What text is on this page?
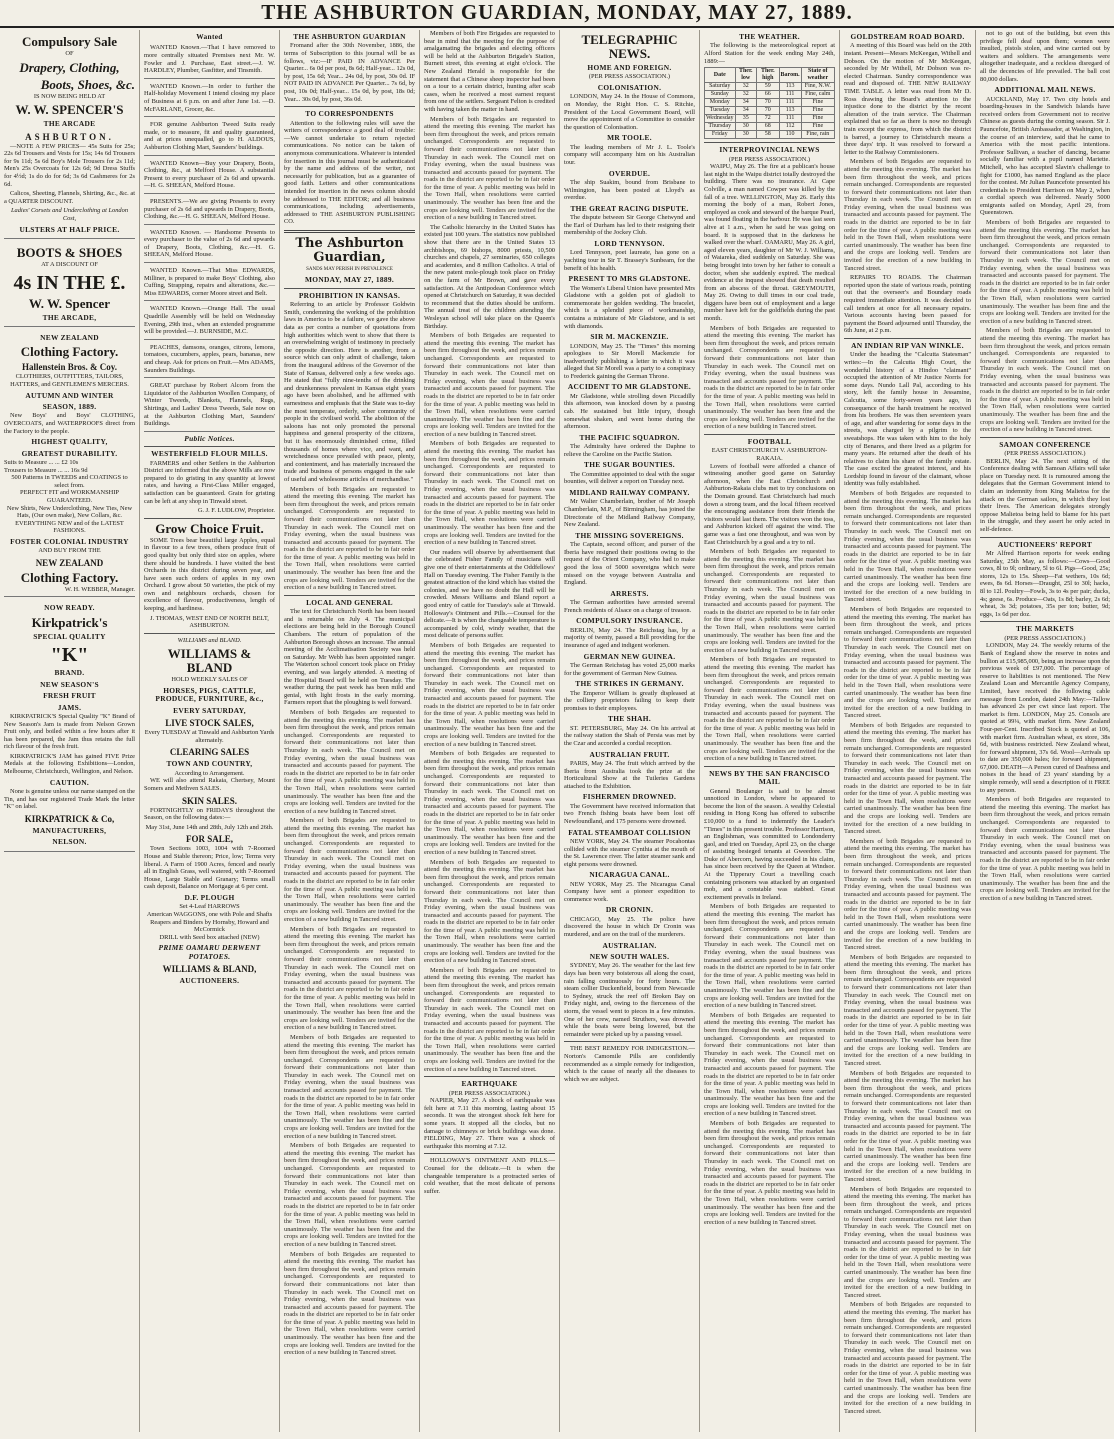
THE ASHBURTON GUARDIAN, MONDAY, MAY 27, 1889.
Compulsory Sale
OF
Drapery, Clothing,
Boots, Shoes, &c.
IS NOW BEING HELD AT
W. W. SPENCER'S
THE ARCADE
ASHBURTON.
—NOTE A FEW PRICES— 45s Suits for 25s; 22s 6d Trousers and Vests for 15s; 14s 6d Trousers for 9s 11d; 5s 6d Boy's Mole Trousers for 2s 11d; Men's 25s Overcoats for 12s 6d; 9d Dress Stuffs for 4½d; 1s do do for 6d; 3s 6d Cashmeres for 2s 6d.
Calicos, Sheeting, Flannels, Shirting, &c., &c. at a QUARTER DISCOUNT.
Ladies' Corsets and Underclothing at London Cost,
ULSTERS AT HALF PRICE.
BOOTS & SHOES
AT A DISCOUNT OF
4s IN THE £.
W. W. Spencer
THE ARCADE,
NEW ZEALAND
Clothing Factory.
Hallenstein Bros. & Coy.
CLOTHIERS, OUTFITTERS, TAILORS, HATTERS, and GENTLEMEN'S MERCERS.
AUTUMN AND WINTER
SEASON, 1889.
New Boys' and Boys' CLOTHING, OVERCOATS, and WATERPROOFS direct from the Factory to the people.
HIGHEST QUALITY,
GREATEST DURABILITY.
Suits to Measure ... ... £2 10s
Trousers to Measure ... ... 16s 9d
500 Patterns in TWEEDS and COATINGS to select from.
PERFECT FIT and WORKMANSHIP GUARANTEED.
New Shirts, New Underclothing, New Ties, New Hats, (Our own make), New Collars, &c.
EVERYTHING NEW and of the LATEST FASHIONS.
FOSTER COLONIAL INDUSTRY
AND BUY FROM THE
NEW ZEALAND
Clothing Factory.
W. H. WEBBER, Manager.
NOW READY.
Kirkpatrick's
SPECIAL QUALITY
"K"
BRAND.
NEW SEASON'S
FRESH FRUIT
JAMS.
KIRKPATRICK'S Special Quality "K" Brand of New Season's Jam is made from Nelson Grown Fruit only, and boiled within a few hours after it has been prepared, the Jam thus retains the full rich flavour of the fresh fruit.
KIRKPATRICK'S JAM has gained FIVE Prize Medals at the following Exhibitions—London, Melbourne, Christchurch, Wellington, and Nelson.
CAUTION.
None is genuine unless our name stamped on the Tin, and has our registered Trade Mark the letter "K" on label.
KIRKPATRICK & Co,
MANUFACTURERS,
NELSON.
Wanted
WANTED Known.—That I have removed to more centrally situated Premises next Mr. W. Fowler and J. Purchase, East street.—J. W. HARDLEY, Plumber, Gasfitter, and Tinsmith.
WANTED Known.—In order to further the Half-holiday Movement I intend closing my place of Business at 6 p.m. on and after June 1st. —D. McFARLANE, Grocer, &c.
FOR genuine Ashburton Tweed Suits ready made, or to measure, fit and quality guaranteed, and at prices unequalled, go to H. ALDOUS, Ashburton Clothing Mart, Saunders' buildings.
WANTED Known—Buy your Drapery, Boots, Clothing, &c., at Melford House. A substantial Present to every purchaser of 2s 6d and upwards.—H. G. SHEEAN, Melford House.
PRESENTS.—We are giving Presents to every purchaser of 2s 6d and upwards in Drapery, Boots, Clothing, &c.—H. G. SHEEAN, Melford House.
WANTED Known. — Handsome Presents to every purchaser to the value of 2s 6d and upwards of Drapery, Boots, Clothing, &c.—H. G. SHEEAN, Melford House.
WANTED Known.—That Miss EDWARDS, Milliner, is prepared to make Boys' Clothing, also Cuffing, Strapping, repairs and alterations, &c.—Miss EDWARDS, corner Moore street and Belt.
WANTED Known.—Orange Hall. The usual Quadrille Assembly will be held on Wednesday Evening, 29th inst., when an extended programme will be provided.—J. BURNSIDE, M.C.
PEACHES, damsons, oranges, citrons, lemons, tomatoes, cucumbers, apples, pears, bananas, new and cheap. Ask for prices on Fruit.—Mrs ADAMS, Saunders Buildings.
GREAT purchase by Robert Alcorn from the Liquidator of the Ashburton Woollen Company, of Winter Tweeds, Blankets, Flannels, Rugs, Shirtings, and Ladies' Dress Tweeds, Sale now on at the Ashburton Clothing Mart, Saunders' Buildings.
Public Notices.
WESTERFIELD FLOUR MILLS.
FARMERS and other Settlers in the Ashburton District are informed that the above Mills are now prepared to do gristing in any quantity at lowest rates, and having a First-Class Miller engaged, satisfaction can be guaranteed. Grain for gristing can be left at any shop in Tinwald street.
G. J. F. LUDLOW, Proprietor.
Grow Choice Fruit.
SOME Trees bear beautiful large Apples, equal in flavour to a few trees, others produce fruit of good quality but only third size on apples, where there should be hundreds. I have visited the best Orchards in this district during seven year, and have seen such orders of apples in my own Orchard. I grow about 50 varieties, the pick of my own and neighbours orchards, chosen for excellence of flavour, productiveness, length of keeping, and hardiness.
J. THOMAS, WEST END OF NORTH BELT, ASHBURTON.
WILLIAMS and BLAND.
WILLIAMS & BLAND
HOLD WEEKLY SALES OF
HORSES, PIGS, CATTLE, PRODUCE, FURNITURE, &c.,
EVERY SATURDAY,
LIVE STOCK SALES,
Every TUESDAY at Tinwald and Ashburton Yards alternately.
CLEARING SALES
TOWN AND COUNTRY,
According to Arrangement.
WE will also attend Rakaia, Chertsey, Mount Somers and Methven SALES.
SKIN SALES.
FORTNIGHTLY on FRIDAYS throughout the Season, on the following dates:—
May 31st, June 14th and 28th, July 12th and 26th.
FOR SALE,
Town Sections 1003, 1004 with 7-Roomed House and Stable thereon; Price, low; Terms very liberal. A Farm of 1900 Acres, fenced and nearly all in English Grass, well watered, with 7-Roomed House, Large Stable and Granary; Terms small cash deposit, Balance on Mortgage at 6 per cent.
D.F. PLOUGH
Set 4-Leaf HARROWS
American WAGGONS, one with Pole and Shafts
Reapers and Binders by Hornsby, Howard and McCormick
DRILL with Seed box attached (NEW)
PRIME OAMARU DERWENT POTATOES.
WILLIAMS & BLAND,
AUCTIONEERS.
THE ASHBURTON GUARDIAN
Fromand after the 30th November, 1886, the terms of Subscription to this journal will be as follows, viz:—IF PAID IN ADVANCE Per Quarter... 6s 0d per post, 8s 6d; Half-year... 12s 0d, by post, 15s 6d; Year... 24s 0d, by post, 30s 0d. IF NOT PAID IN ADVANCE Per Quarter... 7s 6d, by post, 10s 0d; Half-year... 15s 0d, by post, 18s 0d; Year... 30s 0d, by post, 36s 0d.
TO CORRESPONDENTS
Attention to the following rules will save the writers of correspondence a good deal of trouble:—We cannot undertake to return rejected communications. No notice can be taken of anonymous communications. Whatever is intended for insertion in this journal must be authenticated by the name and address of the writer, not necessarily for publication, but as a guarantee of good faith. Letters and other communications intended for insertion in the news column should be addressed to THE EDITOR; and all business communications, including advertisements, addressed to THE ASHBURTON PUBLISHING CO.
The Ashburton Guardian,
SANDS MAY PERISH IN PREVALENCE
MONDAY, MAY 27, 1889.
PROHIBITION IN KANSAS.
Referring to an article by Professor Goldwin Smith, condemning the working of the prohibition laws in America to be a failure, we gave the above data as per contra a number of quotations from high authorities which went to show that there is an overwhelming weight of testimony in precisely the opposite direction. Here is another, from a source which can only admit of challenge, taken from the inaugural address of the Governor of the State of Kansas, delivered only a few weeks ago. He stated that "fully nine-tenths of the drinking and drunkenness prevalent in Kansas eight years ago have been abolished, and he affirmed with earnestness and emphasis that the State was to-day the most temperate, orderly, sober community of people in the civilised world. The abolition of the saloons has not only promoted the personal happiness and general prosperity of the citizens, but it has enormously diminished crime, filled thousands of homes where vice, and want, and wretchedness once prevailed with peace, plenty, and contentment, and has materially increased the trade and business of persons engaged in the sale of useful and wholesome articles of merchandise."
Members of both Brigades are requested to attend the meeting this evening. The market has been firm throughout the week, and prices remain unchanged. Correspondents are requested to forward their communications not later than Thursday in each week. The Council met on Friday evening, when the usual business was transacted and accounts passed for payment. The roads in the district are reported to be in fair order for the time of year. A public meeting was held in the Town Hall, when resolutions were carried unanimously. The weather has been fine and the crops are looking well. Tenders are invited for the erection of a new building in Tancred street.
LOCAL AND GENERAL
The text for Christchurch North has been issued and is returnable on July 4. The municipal elections are being held in the Borough Council Chambers. The return of population of the Ashburton Borough shows an increase. The annual meeting of the Acclimatisation Society was held on Saturday. Mr Webb has been appointed ranger. The Waterton school concert took place on Friday evening, and was largely attended. A meeting of the Hospital Board will be held on Tuesday. The weather during the past week has been mild and genial, with light frosts in the early morning. Farmers report that the ploughing is well forward.
Members of both Brigades are requested to attend the meeting this evening. The market has been firm throughout the week, and prices remain unchanged. Correspondents are requested to forward their communications not later than Thursday in each week. The Council met on Friday evening, when the usual business was transacted and accounts passed for payment. The roads in the district are reported to be in fair order for the time of year. A public meeting was held in the Town Hall, when resolutions were carried unanimously. The weather has been fine and the crops are looking well. Tenders are invited for the erection of a new building in Tancred street.
Members of both Brigades are requested to attend the meeting this evening. The market has been firm throughout the week, and prices remain unchanged. Correspondents are requested to forward their communications not later than Thursday in each week. The Council met on Friday evening, when the usual business was transacted and accounts passed for payment. The roads in the district are reported to be in fair order for the time of year. A public meeting was held in the Town Hall, when resolutions were carried unanimously. The weather has been fine and the crops are looking well. Tenders are invited for the erection of a new building in Tancred street.
Members of both Brigades are requested to attend the meeting this evening. The market has been firm throughout the week, and prices remain unchanged. Correspondents are requested to forward their communications not later than Thursday in each week. The Council met on Friday evening, when the usual business was transacted and accounts passed for payment. The roads in the district are reported to be in fair order for the time of year. A public meeting was held in the Town Hall, when resolutions were carried unanimously. The weather has been fine and the crops are looking well. Tenders are invited for the erection of a new building in Tancred street.
Members of both Brigades are requested to attend the meeting this evening. The market has been firm throughout the week, and prices remain unchanged. Correspondents are requested to forward their communications not later than Thursday in each week. The Council met on Friday evening, when the usual business was transacted and accounts passed for payment. The roads in the district are reported to be in fair order for the time of year. A public meeting was held in the Town Hall, when resolutions were carried unanimously. The weather has been fine and the crops are looking well. Tenders are invited for the erection of a new building in Tancred street.
Members of both Brigades are requested to attend the meeting this evening. The market has been firm throughout the week, and prices remain unchanged. Correspondents are requested to forward their communications not later than Thursday in each week. The Council met on Friday evening, when the usual business was transacted and accounts passed for payment. The roads in the district are reported to be in fair order for the time of year. A public meeting was held in the Town Hall, when resolutions were carried unanimously. The weather has been fine and the crops are looking well. Tenders are invited for the erection of a new building in Tancred street.
Members of both Brigades are requested to attend the meeting this evening. The market has been firm throughout the week, and prices remain unchanged. Correspondents are requested to forward their communications not later than Thursday in each week. The Council met on Friday evening, when the usual business was transacted and accounts passed for payment. The roads in the district are reported to be in fair order for the time of year. A public meeting was held in the Town Hall, when resolutions were carried unanimously. The weather has been fine and the crops are looking well. Tenders are invited for the erection of a new building in Tancred street.
Members of both Fire Brigades are requested to bear in mind that the meeting for the purpose of amalgamating the brigades and electing officers will be held at the Ashburton Brigade's Station, Burnett street, this evening at eight o'clock. The New Zealand Herald is responsible for the statement that a Chinese sheep inspector had been on a tour to a certain district, hunting after scab cases, when he received a most earnest request from one of the settlers. Sergeant Felton is credited with having taken the matter in hand.
Members of both Brigades are requested to attend the meeting this evening. The market has been firm throughout the week, and prices remain unchanged. Correspondents are requested to forward their communications not later than Thursday in each week. The Council met on Friday evening, when the usual business was transacted and accounts passed for payment. The roads in the district are reported to be in fair order for the time of year. A public meeting was held in the Town Hall, when resolutions were carried unanimously. The weather has been fine and the crops are looking well. Tenders are invited for the erection of a new building in Tancred street.
The Catholic hierarchy in the United States has existed just 100 years. The statistics now published show that there are in the United States 13 archbishops, 69 bishops, 8000 priests, 10,500 churches and chapels, 27 seminaries, 650 colleges and academies, and 8 million Catholics. A trial of the new patent mole-plough took place on Friday on the farm of Mr Brown, and gave every satisfaction. At the Antipodean Conference which opened at Christchurch on Saturday, it was decided to recommend that the duties should be uniform. The annual treat of the children attending the Wesleyan school will take place on the Queen's Birthday.
Members of both Brigades are requested to attend the meeting this evening. The market has been firm throughout the week, and prices remain unchanged. Correspondents are requested to forward their communications not later than Thursday in each week. The Council met on Friday evening, when the usual business was transacted and accounts passed for payment. The roads in the district are reported to be in fair order for the time of year. A public meeting was held in the Town Hall, when resolutions were carried unanimously. The weather has been fine and the crops are looking well. Tenders are invited for the erection of a new building in Tancred street.
Members of both Brigades are requested to attend the meeting this evening. The market has been firm throughout the week, and prices remain unchanged. Correspondents are requested to forward their communications not later than Thursday in each week. The Council met on Friday evening, when the usual business was transacted and accounts passed for payment. The roads in the district are reported to be in fair order for the time of year. A public meeting was held in the Town Hall, when resolutions were carried unanimously. The weather has been fine and the crops are looking well. Tenders are invited for the erection of a new building in Tancred street.
Our readers will observe by advertisement that the celebrated Fisher Family of musicians will give one of their entertainments at the Oddfellows' Hall on Tuesday evening. The Fisher Family is the greatest attraction of the kind which has visited the colonies, and we have no doubt the Hall will be crowded. Messrs Williams and Bland report a good entry of cattle for Tuesday's sale at Tinwald. Holloway's Ointment and Pills.—Counsel for the delicate.—It is when the changeable temperature is accompanied by cold, windy weather, that the most delicate of persons suffer.
Members of both Brigades are requested to attend the meeting this evening. The market has been firm throughout the week, and prices remain unchanged. Correspondents are requested to forward their communications not later than Thursday in each week. The Council met on Friday evening, when the usual business was transacted and accounts passed for payment. The roads in the district are reported to be in fair order for the time of year. A public meeting was held in the Town Hall, when resolutions were carried unanimously. The weather has been fine and the crops are looking well. Tenders are invited for the erection of a new building in Tancred street.
Members of both Brigades are requested to attend the meeting this evening. The market has been firm throughout the week, and prices remain unchanged. Correspondents are requested to forward their communications not later than Thursday in each week. The Council met on Friday evening, when the usual business was transacted and accounts passed for payment. The roads in the district are reported to be in fair order for the time of year. A public meeting was held in the Town Hall, when resolutions were carried unanimously. The weather has been fine and the crops are looking well. Tenders are invited for the erection of a new building in Tancred street.
Members of both Brigades are requested to attend the meeting this evening. The market has been firm throughout the week, and prices remain unchanged. Correspondents are requested to forward their communications not later than Thursday in each week. The Council met on Friday evening, when the usual business was transacted and accounts passed for payment. The roads in the district are reported to be in fair order for the time of year. A public meeting was held in the Town Hall, when resolutions were carried unanimously. The weather has been fine and the crops are looking well. Tenders are invited for the erection of a new building in Tancred street.
Members of both Brigades are requested to attend the meeting this evening. The market has been firm throughout the week, and prices remain unchanged. Correspondents are requested to forward their communications not later than Thursday in each week. The Council met on Friday evening, when the usual business was transacted and accounts passed for payment. The roads in the district are reported to be in fair order for the time of year. A public meeting was held in the Town Hall, when resolutions were carried unanimously. The weather has been fine and the crops are looking well. Tenders are invited for the erection of a new building in Tancred street.
EARTHQUAKE
(PER PRESS ASSOCIATION.)
NAPIER, May 27. A shock of earthquake was felt here at 7.11 this morning, lasting about 15 seconds. It was the strongest shock felt here for some years. It stopped all the clocks, but no damage to chimneys or brick buildings was done. FIELDING, May 27. There was a shock of earthquake this morning at 7.12.
HOLLOWAY'S OINTMENT AND PILLS.—Counsel for the delicate.—It is when the changeable temperature is a protracted series of cold weather, that the most delicate of persons suffer.
TELEGRAPHIC NEWS.
HOME AND FOREIGN.
(PER PRESS ASSOCIATION.)
COLONISATION.
LONDON, May 24. In the House of Commons, on Monday, the Right Hon. C. S. Ritchie, President of the Local Government Board, will move the appointment of a Committee to consider the question of Colonisation.
MR TOOLE.
The leading members of Mr J. L. Toole's company will accompany him on his Australian tour.
OVERDUE.
The ship Suakim, bound from Brisbane to Wilmington, has been posted at Lloyd's as overdue.
THE GREAT RACING DISPUTE.
The dispute between Sir George Chetwynd and the Earl of Durham has led to their resigning their membership of the Jockey Club.
LORD TENNYSON.
Lord Tennyson, poet laureate, has gone on a yachting tour in Sir T. Brassey's Sunbeam, for the benefit of his health.
PRESENT TO MRS GLADSTONE.
The Women's Liberal Union have presented Mrs Gladstone with a golden pot of gladioli to commemorate her golden wedding. The bracelet, which is a splendid piece of workmanship, contains a miniature of Mr Gladstone, and is set with diamonds.
SIR M. MACKENZIE.
LONDON, May 25. The "Times" this morning apologises to Sir Morell Mackenzie for inadvertently publishing a letter in which it was alleged that Sir Morell was a party to a conspiracy to Frederick gaining the German Throne.
ACCIDENT TO MR GLADSTONE.
Mr Gladstone, while strolling down Piccadilly this afternoon, was knocked down by a passing cab. He sustained but little injury, though somewhat shaken, and went home during the afternoon.
THE PACIFIC SQUADRON.
The Admiralty have ordered the Daphne to relieve the Caroline on the Pacific Station.
THE SUGAR BOUNTIES.
The Committee appointed to deal with the sugar bounties, will deliver a report on Tuesday next.
MIDLAND RAILWAY COMPANY.
Mr Walter Chamberlain, brother of Mr Joseph Chamberlain, M.P., of Birmingham, has joined the Directorate of the Midland Railway Company, New Zealand.
THE MISSING SOVEREIGNS.
The Captain, second officer, and purser of the Iberia have resigned their positions owing to the request of the Orient Company, who had to make good the loss of 5000 sovereigns which were missed on the voyage between Australia and England.
ARRESTS.
The German authorities have arrested several French residents of Alsace on a charge of treason.
COMPULSORY INSURANCE.
BERLIN, May 24. The Reichstag has, by a majority of twenty, passed a Bill providing for the insurance of aged and indigent workmen.
GERMAN NEW GUINEA.
The German Reichstag has voted 25,000 marks for the government of German New Guinea.
THE STRIKES IN GERMANY.
The Emperor William is greatly displeased at the colliery proprietors failing to keep their promises to their employees.
THE SHAH.
ST. PETERSBURG, May 24. On his arrival at the railway station the Shah of Persia was met by the Czar and accorded a cordial reception.
AUSTRALIAN FRUIT.
PARIS, May 24. The fruit which arrived by the Iberia from Australia took the prize at the Horticultural Show at the Tuileries Gardens attached to the Exhibition.
FISHERMEN DROWNED.
The Government have received information that two French fishing boats have been lost off Newfoundland, and 175 persons were drowned.
FATAL STEAMBOAT COLLISION
NEW YORK, May 24. The steamer Pocahontas collided with the steamer Cynthia at the mouth of the St. Lawrence river. The latter steamer sank and eight persons were drowned.
NICARAGUA CANAL.
NEW YORK, May 25. The Nicaragua Canal Company have sent a pioneer expedition to commence work.
DR CRONIN.
CHICAGO, May 25. The police have discovered the house in which Dr Cronin was murdered, and are on the trail of the murderers.
AUSTRALIAN.
NEW SOUTH WALES.
SYDNEY, May 26. The weather for the last few days has been very boisterous all along the coast, rain falling continuously for forty hours. The steam collier Duckenfield, bound from Newcastle to Sydney, struck the reef off Broken Bay on Friday night, and, owing to the fierceness of the storm, the vessel went to pieces in a few minutes. One of her crew, named Struthers, was drowned while the boats were being lowered, but the remainder were picked up by a passing vessel.
THE BEST REMEDY FOR INDIGESTION.—Norton's Camomile Pills are confidently recommended as a simple remedy for indigestion, which is the cause of nearly all the diseases to which we are subject.
THE WEATHER.
The following is the meteorological report at Alford Station for the week ending May 24th, 1889:—
Date	Ther. low	Ther. high	Barom.	State of weather
Saturday	32	59	113	Fine, N.W.
Sunday	32	66	111	Fine, calm
Monday	34	70	111	Fine
Tuesday	34	70	113	Fine
Wednesday	35	72	111	Fine
Thursday	30	68	112	Fine
Friday	30	58	110	Fine, rain
INTERPROVINCIAL NEWS
(PER PRESS ASSOCIATION.)
WAIPU, May 26. The fire at a publican's house last night in the Waipu district totally destroyed the building. There was no insurance. At Cape Colville, a man named Cowper was killed by the fall of a tree. WELLINGTON, May 26. Early this morning the body of a man, Robert Jones, employed as cook and steward of the barque Pearl, was found floating in the harbour. He was last seen alive at 1 a.m., when he said he was going on board. It is supposed that in the darkness he walked over the wharf. OAMARU, May 26. A girl, aged eleven years, daughter of Mr W. J. Williams, of Waiareka, died suddenly on Saturday. She was being brought into town by her father to consult a doctor, when she suddenly expired. The medical evidence at the inquest showed that death resulted from an abscess of the throat. GREYMOUTH, May 26. Owing to dull times in our coal trade, diggers have been out of employment and a large number have left for the goldfields during the past month.
Members of both Brigades are requested to attend the meeting this evening. The market has been firm throughout the week, and prices remain unchanged. Correspondents are requested to forward their communications not later than Thursday in each week. The Council met on Friday evening, when the usual business was transacted and accounts passed for payment. The roads in the district are reported to be in fair order for the time of year. A public meeting was held in the Town Hall, when resolutions were carried unanimously. The weather has been fine and the crops are looking well. Tenders are invited for the erection of a new building in Tancred street.
FOOTBALL
EAST CHRISTCHURCH V. ASHBURTON-RAKAIA.
Lovers of football were afforded a chance of witnessing another good game on Saturday afternoon, when the East Christchurch and Ashburton-Rakaia clubs met to try conclusions on the Domain ground. East Christchurch had much down a strong team, and the local fifteen received the encouraging assistance from their friends the visitors would last them. The visitors won the toss, and Ashburton kicked off against the wind. The game was a fast one throughout, and was won by East Christchurch by a goal and a try to nil.
Members of both Brigades are requested to attend the meeting this evening. The market has been firm throughout the week, and prices remain unchanged. Correspondents are requested to forward their communications not later than Thursday in each week. The Council met on Friday evening, when the usual business was transacted and accounts passed for payment. The roads in the district are reported to be in fair order for the time of year. A public meeting was held in the Town Hall, when resolutions were carried unanimously. The weather has been fine and the crops are looking well. Tenders are invited for the erection of a new building in Tancred street.
Members of both Brigades are requested to attend the meeting this evening. The market has been firm throughout the week, and prices remain unchanged. Correspondents are requested to forward their communications not later than Thursday in each week. The Council met on Friday evening, when the usual business was transacted and accounts passed for payment. The roads in the district are reported to be in fair order for the time of year. A public meeting was held in the Town Hall, when resolutions were carried unanimously. The weather has been fine and the crops are looking well. Tenders are invited for the erection of a new building in Tancred street.
NEWS BY THE SAN FRANCISCO MAIL
General Boulanger is said to be almost unnoticed in London, where he appeared to become the lion of the season. A wealthy Celestial residing in Hong Kong has offered to subscribe £10,000 to a fund to indemnify the Leader's "Times" in this present trouble. Professor Harrison, an Englishman, was committed to Londonderry gaol, and tried on Tuesday, April 23, on the charge of assisting besieged tenants at Gweedore. The Duke of Abercorn, having succeeded in his claim, has since been received by the Queen at Windsor. At the Tipperary Court a travelling coach containing prisoners was attacked by an organised mob, and a constable was stabbed. Great excitement prevails in Ireland.
Members of both Brigades are requested to attend the meeting this evening. The market has been firm throughout the week, and prices remain unchanged. Correspondents are requested to forward their communications not later than Thursday in each week. The Council met on Friday evening, when the usual business was transacted and accounts passed for payment. The roads in the district are reported to be in fair order for the time of year. A public meeting was held in the Town Hall, when resolutions were carried unanimously. The weather has been fine and the crops are looking well. Tenders are invited for the erection of a new building in Tancred street.
Members of both Brigades are requested to attend the meeting this evening. The market has been firm throughout the week, and prices remain unchanged. Correspondents are requested to forward their communications not later than Thursday in each week. The Council met on Friday evening, when the usual business was transacted and accounts passed for payment. The roads in the district are reported to be in fair order for the time of year. A public meeting was held in the Town Hall, when resolutions were carried unanimously. The weather has been fine and the crops are looking well. Tenders are invited for the erection of a new building in Tancred street.
Members of both Brigades are requested to attend the meeting this evening. The market has been firm throughout the week, and prices remain unchanged. Correspondents are requested to forward their communications not later than Thursday in each week. The Council met on Friday evening, when the usual business was transacted and accounts passed for payment. The roads in the district are reported to be in fair order for the time of year. A public meeting was held in the Town Hall, when resolutions were carried unanimously. The weather has been fine and the crops are looking well. Tenders are invited for the erection of a new building in Tancred street.
GOLDSTREAM ROAD BOARD.
A meeting of this Board was held on the 20th instant. Present—Messrs McKeegan, Withell and Dobson. On the motion of Mr McKeegan, seconded by Mr Withell, Mr Dobson was re-elected Chairman. Sundry correspondence was read and disposed of. THE NEW RAILWAY TIME TABLE. A letter was read from Mr D. Ross drawing the Board's attention to the injustice done to the district by the recent alteration of the train service. The Chairman explained that so far as there is now no through train except the express, from which the district is barred, a journey to Christchurch means a three days' trip. It was resolved to forward a letter to the Railway Commissioners.
Members of both Brigades are requested to attend the meeting this evening. The market has been firm throughout the week, and prices remain unchanged. Correspondents are requested to forward their communications not later than Thursday in each week. The Council met on Friday evening, when the usual business was transacted and accounts passed for payment. The roads in the district are reported to be in fair order for the time of year. A public meeting was held in the Town Hall, when resolutions were carried unanimously. The weather has been fine and the crops are looking well. Tenders are invited for the erection of a new building in Tancred street.
REPAIRS TO ROADS. The Chairman reported upon the state of various roads, pointing out that the overseer's and Boundary roads required immediate attention. It was decided to call tenders at once for all necessary repairs. Various accounts having been passed for payment the Board adjourned until Thursday, the 6th June, at 2 p.m.
AN INDIAN RIP VAN WINKLE.
Under the heading the "Calcutta Statesman" writes:—In the Calcutta High Court, the wonderful history of a Hindoo "claimant" occupied the attention of Mr Justice Norris for some days. Nundo Lall Pal, according to his story, left the family house in Jessamine, Calcutta, some forty-seven years ago, in consequence of the harsh treatment he received from his brothers. He was then seventeen years of age, and after wandering for some days in the streets, was charged by a pilgrim to the sweatshops. He was taken with him to the holy city of Benares, and there lived as a pilgrim for many years. He returned after the death of his relatives to claim his share of the family estate. The case excited the greatest interest, and his Lordship found in favour of the claimant, whose identity was fully established.
Members of both Brigades are requested to attend the meeting this evening. The market has been firm throughout the week, and prices remain unchanged. Correspondents are requested to forward their communications not later than Thursday in each week. The Council met on Friday evening, when the usual business was transacted and accounts passed for payment. The roads in the district are reported to be in fair order for the time of year. A public meeting was held in the Town Hall, when resolutions were carried unanimously. The weather has been fine and the crops are looking well. Tenders are invited for the erection of a new building in Tancred street.
Members of both Brigades are requested to attend the meeting this evening. The market has been firm throughout the week, and prices remain unchanged. Correspondents are requested to forward their communications not later than Thursday in each week. The Council met on Friday evening, when the usual business was transacted and accounts passed for payment. The roads in the district are reported to be in fair order for the time of year. A public meeting was held in the Town Hall, when resolutions were carried unanimously. The weather has been fine and the crops are looking well. Tenders are invited for the erection of a new building in Tancred street.
Members of both Brigades are requested to attend the meeting this evening. The market has been firm throughout the week, and prices remain unchanged. Correspondents are requested to forward their communications not later than Thursday in each week. The Council met on Friday evening, when the usual business was transacted and accounts passed for payment. The roads in the district are reported to be in fair order for the time of year. A public meeting was held in the Town Hall, when resolutions were carried unanimously. The weather has been fine and the crops are looking well. Tenders are invited for the erection of a new building in Tancred street.
Members of both Brigades are requested to attend the meeting this evening. The market has been firm throughout the week, and prices remain unchanged. Correspondents are requested to forward their communications not later than Thursday in each week. The Council met on Friday evening, when the usual business was transacted and accounts passed for payment. The roads in the district are reported to be in fair order for the time of year. A public meeting was held in the Town Hall, when resolutions were carried unanimously. The weather has been fine and the crops are looking well. Tenders are invited for the erection of a new building in Tancred street.
Members of both Brigades are requested to attend the meeting this evening. The market has been firm throughout the week, and prices remain unchanged. Correspondents are requested to forward their communications not later than Thursday in each week. The Council met on Friday evening, when the usual business was transacted and accounts passed for payment. The roads in the district are reported to be in fair order for the time of year. A public meeting was held in the Town Hall, when resolutions were carried unanimously. The weather has been fine and the crops are looking well. Tenders are invited for the erection of a new building in Tancred street.
Members of both Brigades are requested to attend the meeting this evening. The market has been firm throughout the week, and prices remain unchanged. Correspondents are requested to forward their communications not later than Thursday in each week. The Council met on Friday evening, when the usual business was transacted and accounts passed for payment. The roads in the district are reported to be in fair order for the time of year. A public meeting was held in the Town Hall, when resolutions were carried unanimously. The weather has been fine and the crops are looking well. Tenders are invited for the erection of a new building in Tancred street.
Members of both Brigades are requested to attend the meeting this evening. The market has been firm throughout the week, and prices remain unchanged. Correspondents are requested to forward their communications not later than Thursday in each week. The Council met on Friday evening, when the usual business was transacted and accounts passed for payment. The roads in the district are reported to be in fair order for the time of year. A public meeting was held in the Town Hall, when resolutions were carried unanimously. The weather has been fine and the crops are looking well. Tenders are invited for the erection of a new building in Tancred street.
Members of both Brigades are requested to attend the meeting this evening. The market has been firm throughout the week, and prices remain unchanged. Correspondents are requested to forward their communications not later than Thursday in each week. The Council met on Friday evening, when the usual business was transacted and accounts passed for payment. The roads in the district are reported to be in fair order for the time of year. A public meeting was held in the Town Hall, when resolutions were carried unanimously. The weather has been fine and the crops are looking well. Tenders are invited for the erection of a new building in Tancred street.
not to go out of the building, but even this privilege fell deaf upon them; women were insulted, pistols stolen, and wine carried out by waiters and soldiers. The arrangements were altogether inadequate, and a reckless disregard of all the decencies of life prevailed. The ball cost 80,000 dollars.
ADDITIONAL MAIL NEWS.
AUCKLAND, May 17. Two city hotels and boarding-houses in the Sandwich Islands have received orders from Government not to receive Chinese as guests during the coming season. Sir J. Pauncefote, British Ambassador, at Washington, in the course of an interview, said that he came to America with the most pacific intentions. Professor Sullivan, a teacher of dancing, became socially familiar with a pupil named Mariette. Mitchell, who has accepted Slavin's challenge to fight for £1000, has named England as the place for the contest. Mr Julian Pauncefote presented his credentials to President Harrison on May 2, when a cordial speech was delivered. Nearly 5000 emigrants sailed on Monday, April 29, from Queenstown.
Members of both Brigades are requested to attend the meeting this evening. The market has been firm throughout the week, and prices remain unchanged. Correspondents are requested to forward their communications not later than Thursday in each week. The Council met on Friday evening, when the usual business was transacted and accounts passed for payment. The roads in the district are reported to be in fair order for the time of year. A public meeting was held in the Town Hall, when resolutions were carried unanimously. The weather has been fine and the crops are looking well. Tenders are invited for the erection of a new building in Tancred street.
Members of both Brigades are requested to attend the meeting this evening. The market has been firm throughout the week, and prices remain unchanged. Correspondents are requested to forward their communications not later than Thursday in each week. The Council met on Friday evening, when the usual business was transacted and accounts passed for payment. The roads in the district are reported to be in fair order for the time of year. A public meeting was held in the Town Hall, when resolutions were carried unanimously. The weather has been fine and the crops are looking well. Tenders are invited for the erection of a new building in Tancred street.
SAMOAN CONFERENCE
(PER PRESS ASSOCIATION.)
BERLIN, May 24. The next sitting of the Conference dealing with Samoan Affairs will take place on Tuesday next. It is rumoured among the delegates that the German Government intend to claim an indemnity from King Malietoa for the attack on the German sailors, in which they lost their lives. The American delegates strongly oppose Malietoa being held to blame for his part in the struggle, and they assert he only acted in self-defence.
AUCTIONEERS' REPORT
Mr Alfred Harrison reports for week ending Saturday, 25th May, as follows:—Cows—Good cows, 8l to 9l; ordinary, 5l to 6l. Pigs—Good, 25s; stores, 12s to 15s. Sheep—Fat wethers, 10s 6d; ewes, 8s 6d. Horses—Draught, 25l to 30l; hacks, 8l to 12l. Poultry—Fowls, 3s to 4s per pair; ducks, 4s; geese, 6s. Produce—Oats, 1s 8d; barley, 2s 6d; wheat, 3s 3d; potatoes, 35s per ton; butter, 9d; eggs, 1s 6d per doz.
THE MARKETS
(PER PRESS ASSOCIATION.)
LONDON, May 24. The weekly returns of the Bank of England show the reserve in notes and bullion at £15,985,000, being an increase upon the previous week of £97,000. The percentage of reserve to liabilities is not mentioned. The New Zealand Loan and Mercantile Agency Company, Limited, have received the following cable message from London, dated 24th May:—Tallow has advanced 2s per cwt since last report. The market is firm. LONDON, May 25. Consols are quoted at 99¼, with market firm. New Zealand Four-per-Cent. Inscribed Stock is quoted at 106, with market firm. Australian wheat, ex store, 38s 6d, with business restricted. New Zealand wheat, for forward shipment, 37s 6d. Wool—Arrivals up to date are 350,000 bales; for forward shipment, 67,000. DEATH—A Person cured of Deafness and noises in the head of 23 years' standing by a simple remedy, will send a description of it FREE to any person.
Members of both Brigades are requested to attend the meeting this evening. The market has been firm throughout the week, and prices remain unchanged. Correspondents are requested to forward their communications not later than Thursday in each week. The Council met on Friday evening, when the usual business was transacted and accounts passed for payment. The roads in the district are reported to be in fair order for the time of year. A public meeting was held in the Town Hall, when resolutions were carried unanimously. The weather has been fine and the crops are looking well. Tenders are invited for the erection of a new building in Tancred street.
